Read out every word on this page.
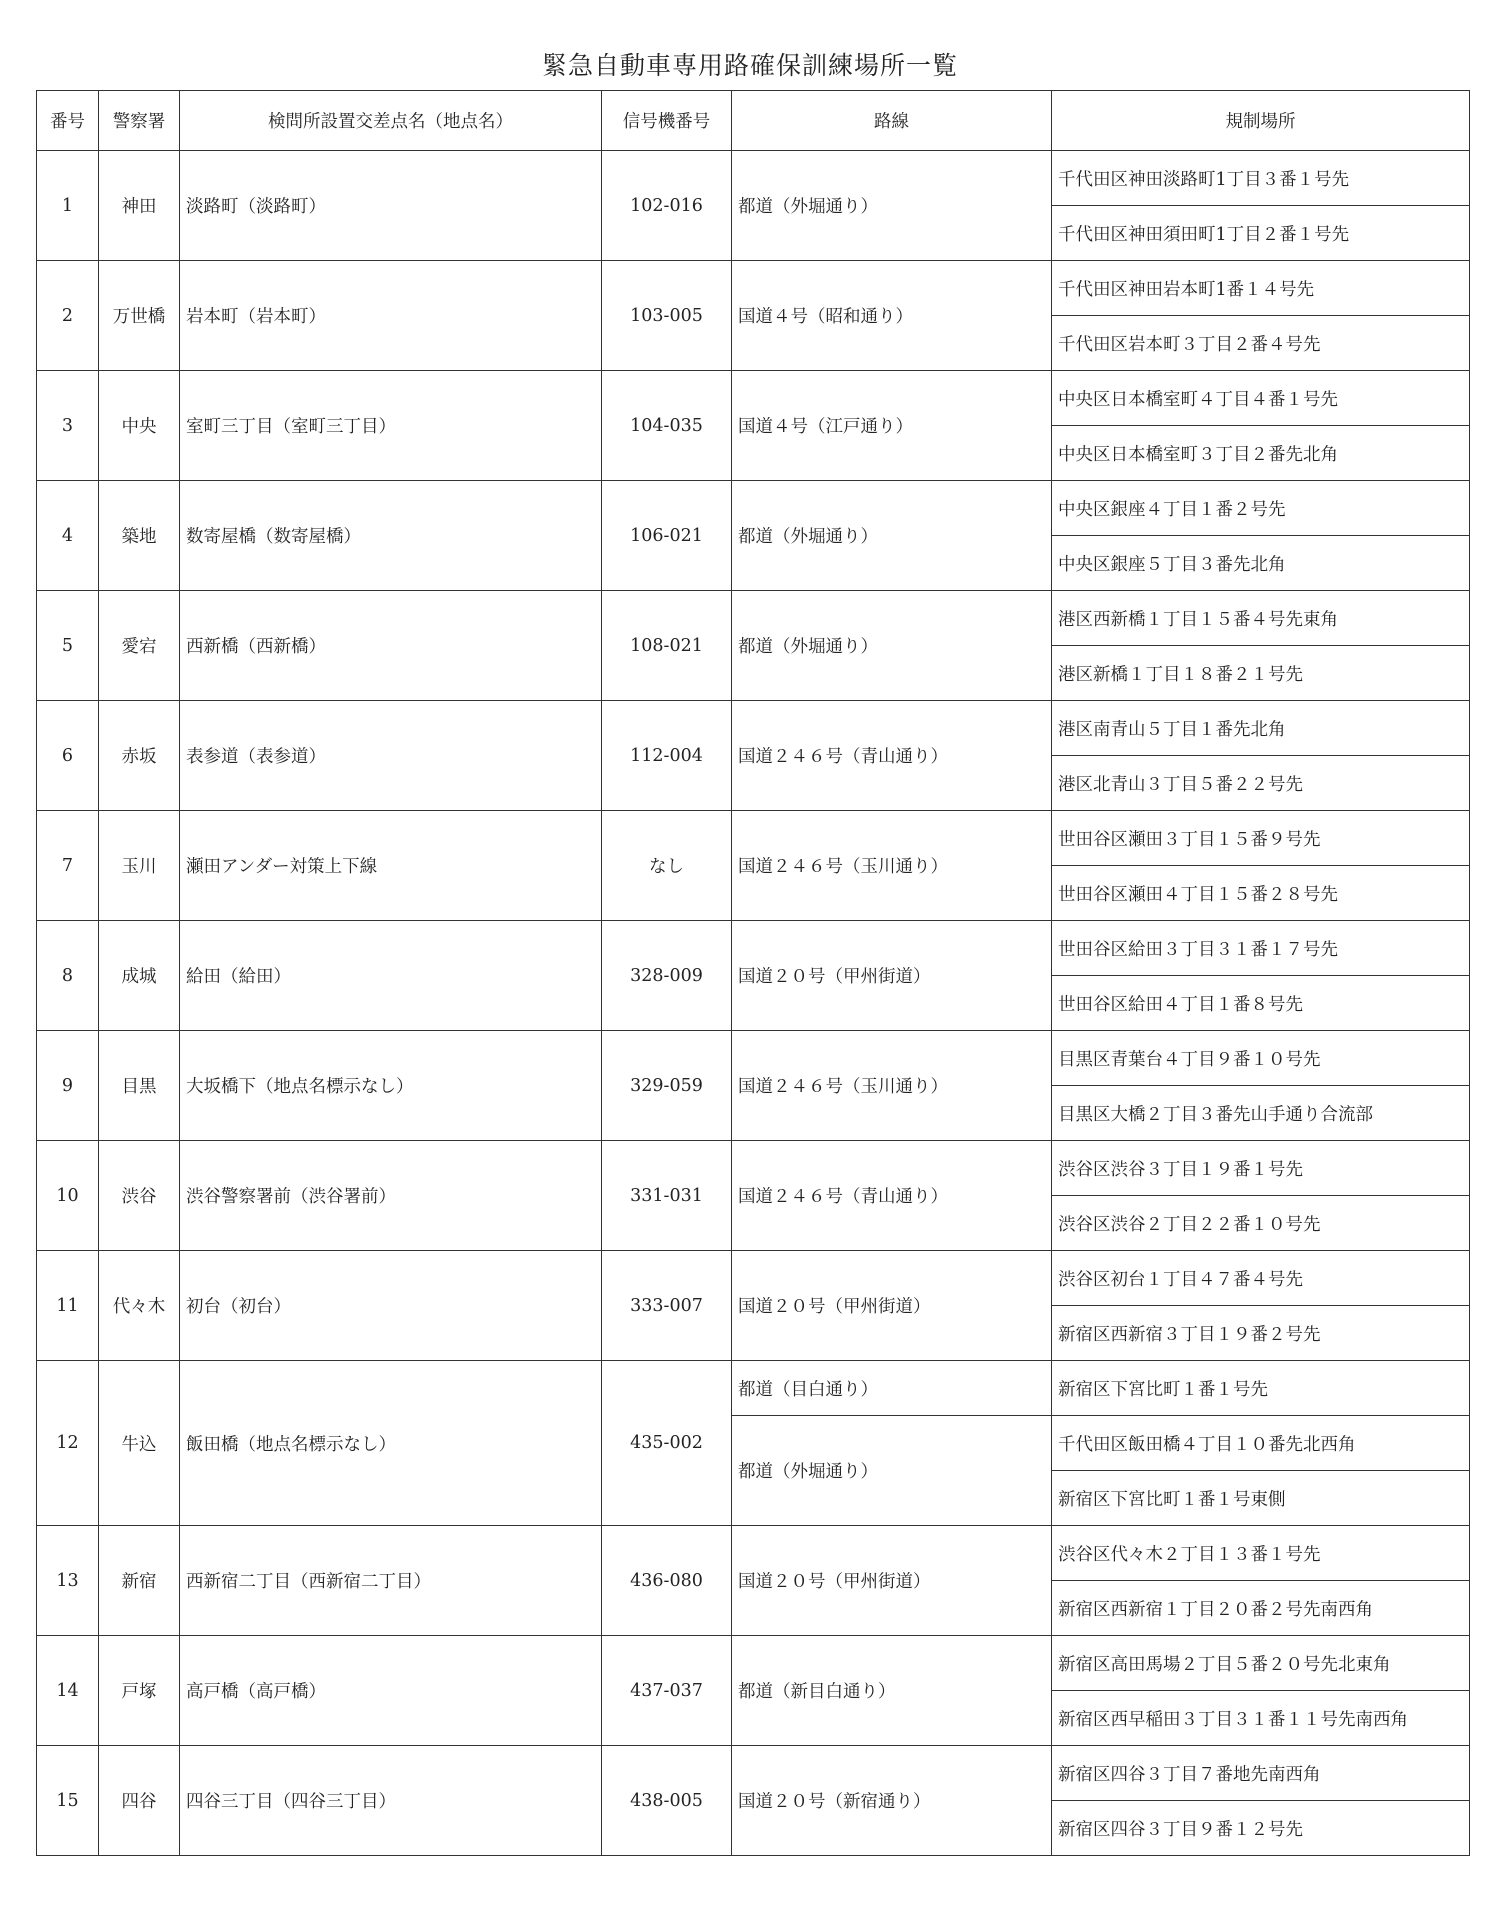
緊急自動車専用路確保訓練場所一覧
番号	警察署	検問所設置交差点名（地点名）	信号機番号	路線	規制場所
1	神田	淡路町（淡路町）	102-016	都道（外堀通り）	千代田区神田淡路町1丁目３番１号先
					千代田区神田須田町1丁目２番１号先
2	万世橋	岩本町（岩本町）	103-005	国道４号（昭和通り）	千代田区神田岩本町1番１４号先
					千代田区岩本町３丁目２番４号先
3	中央	室町三丁目（室町三丁目）	104-035	国道４号（江戸通り）	中央区日本橋室町４丁目４番１号先
					中央区日本橋室町３丁目２番先北角
4	築地	数寄屋橋（数寄屋橋）	106-021	都道（外堀通り）	中央区銀座４丁目１番２号先
					中央区銀座５丁目３番先北角
5	愛宕	西新橋（西新橋）	108-021	都道（外堀通り）	港区西新橋１丁目１５番４号先東角
					港区新橋１丁目１８番２１号先
6	赤坂	表参道（表参道）	112-004	国道２４６号（青山通り）	港区南青山５丁目１番先北角
					港区北青山３丁目５番２２号先
7	玉川	瀬田アンダー対策上下線	なし	国道２４６号（玉川通り）	世田谷区瀬田３丁目１５番９号先
					世田谷区瀬田４丁目１５番２８号先
8	成城	給田（給田）	328-009	国道２０号（甲州街道）	世田谷区給田３丁目３１番１７号先
					世田谷区給田４丁目１番８号先
9	目黒	大坂橋下（地点名標示なし）	329-059	国道２４６号（玉川通り）	目黒区青葉台４丁目９番１０号先
					目黒区大橋２丁目３番先山手通り合流部
10	渋谷	渋谷警察署前（渋谷署前）	331-031	国道２４６号（青山通り）	渋谷区渋谷３丁目１９番１号先
					渋谷区渋谷２丁目２２番１０号先
11	代々木	初台（初台）	333-007	国道２０号（甲州街道）	渋谷区初台１丁目４７番４号先
					新宿区西新宿３丁目１９番２号先
12	牛込	飯田橋（地点名標示なし）	435-002	都道（目白通り）	新宿区下宮比町１番１号先
				都道（外堀通り）	千代田区飯田橋４丁目１０番先北西角
					新宿区下宮比町１番１号東側
13	新宿	西新宿二丁目（西新宿二丁目）	436-080	国道２０号（甲州街道）	渋谷区代々木２丁目１３番１号先
					新宿区西新宿１丁目２０番２号先南西角
14	戸塚	高戸橋（高戸橋）	437-037	都道（新目白通り）	新宿区高田馬場２丁目５番２０号先北東角
					新宿区西早稲田３丁目３１番１１号先南西角
15	四谷	四谷三丁目（四谷三丁目）	438-005	国道２０号（新宿通り）	新宿区四谷３丁目７番地先南西角
					新宿区四谷３丁目９番１２号先
